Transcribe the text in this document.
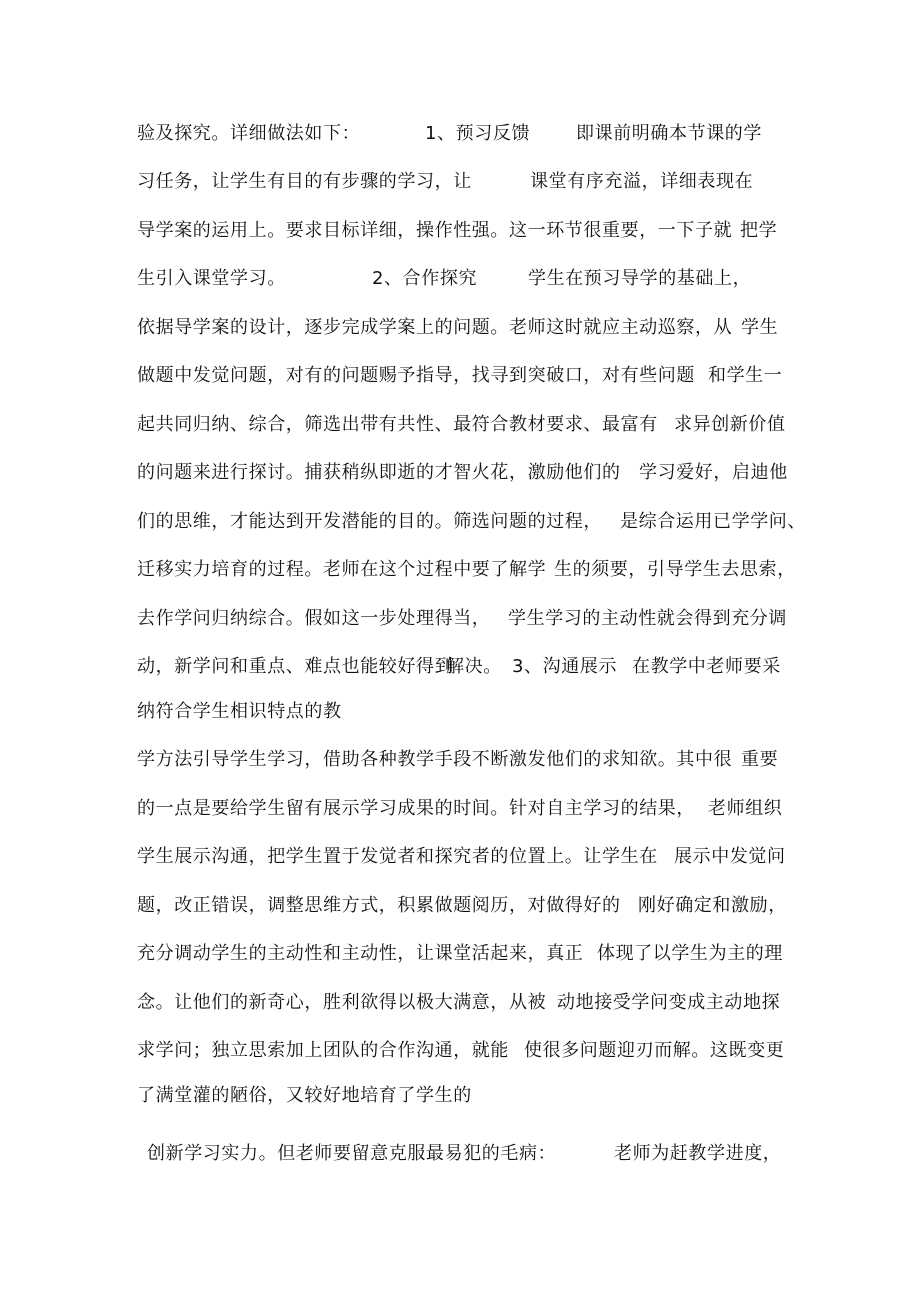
验及探究。详细做法如下：

	1、预习反馈

	即课前明确本节课的学

习任务，让学生有目的有步骤的学习，让

	课堂有序充溢，详细表现在

导学案的运用上。要求目标详细，操作性强。这一环节很重要，一下子就

把学

生引入课堂学习。

	2、合作探究

	学生在预习导学的基础上，

依据导学案的设计，逐步完成学案上的问题。老师这时就应主动巡察，从

学生

做题中发觉问题，对有的问题赐予指导，找寻到突破口，对有些问题

和学生一

起共同归纳、综合，筛选出带有共性、最符合教材要求、最富有

求异创新价值

的问题来进行探讨。捕获稍纵即逝的才智火花，激励他们的

学习爱好，启迪他

们的思维，才能达到开发潜能的目的。筛选问题的过程，

是综合运用已学学问、

迁移实力培育的过程。老师在这个过程中要了解学

生的须要，引导学生去思索，

去作学问归纳综合。假如这一步处理得当，

学生学习的主动性就会得到充分调

动，新学问和重点、难点也能较好得到

解决。

3、沟通展示

在教学中老师要采

纳符合学生相识特点的教

学方法引导学生学习，借助各种教学手段不断激发他们的求知欲。其中很

重要

的一点是要给学生留有展示学习成果的时间。针对自主学习的结果，

老师组织

学生展示沟通，把学生置于发觉者和探究者的位置上。让学生在

展示中发觉问

题，改正错误，调整思维方式，积累做题阅历，对做得好的

刚好确定和激励，

充分调动学生的主动性和主动性，让课堂活起来，真正

体现了以学生为主的理

念。让他们的新奇心，胜利欲得以极大满意，从被

动地接受学问变成主动地探

求学问；独立思索加上团队的合作沟通，就能

使很多问题迎刃而解。这既变更

了满堂灌的陋俗，又较好地培育了学生的

创新学习实力。但老师要留意克服最易犯的毛病：

	老师为赶教学进度，
